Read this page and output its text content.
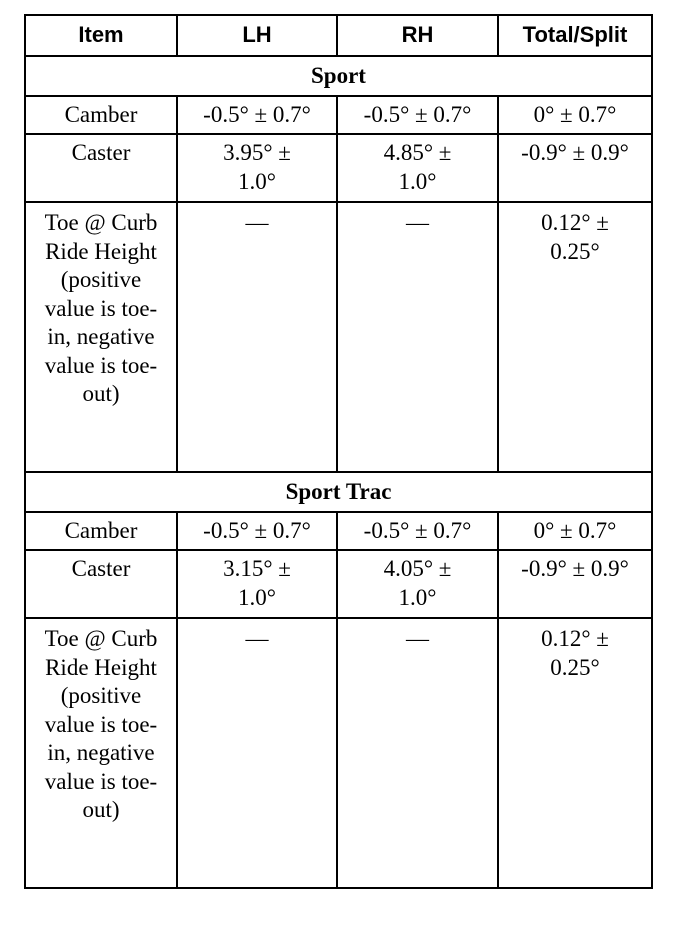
Item	LH	RH	Total/Split
Sport			
Camber	-0.5° ± 0.7°	-0.5° ± 0.7°	0° ± 0.7°
Caster	3.95° ± 1.0°	4.85° ± 1.0°	-0.9° ± 0.9°
Toe @ Curb Ride Height (positive value is toe-in, negative value is toe-out)	—	—	0.12° ± 0.25°
Sport Trac			
Camber	-0.5° ± 0.7°	-0.5° ± 0.7°	0° ± 0.7°
Caster	3.15° ± 1.0°	4.05° ± 1.0°	-0.9° ± 0.9°
Toe @ Curb Ride Height (positive value is toe-in, negative value is toe-out)	—	—	0.12° ± 0.25°
